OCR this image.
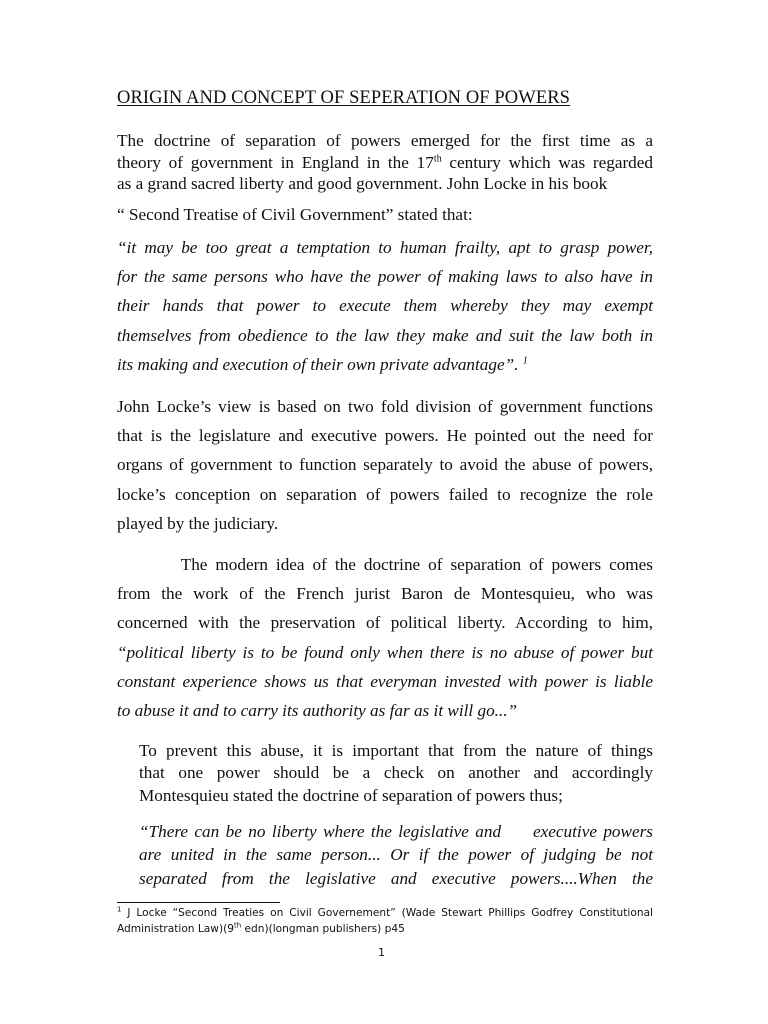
ORIGIN AND CONCEPT OF SEPERATION OF POWERS
The doctrine of separation of powers emerged for the first time as a
theory of government in England in the 17th century which was regarded
as a grand sacred liberty and good government. John Locke in his book
“ Second Treatise of Civil Government” stated that:
“it may be too great a temptation to human frailty, apt to grasp power,
for the same persons who have the power of making laws to also have in
their hands that power to execute them whereby they may exempt
themselves from obedience to the law they make and suit the law both in
its making and execution of their own private advantage”. $^1$
John Locke’s view is based on two fold division of government functions
that is the legislature and executive powers. He pointed out the need for
organs of government to function separately to avoid the abuse of powers,
locke’s conception on separation of powers failed to recognize the role
played by the judiciary.
The modern idea of the doctrine of separation of powers comes
from the work of the French jurist Baron de Montesquieu, who was
concerned with the preservation of political liberty. According to him,
“political liberty is to be found only when there is no abuse of power but
constant experience shows us that everyman invested with power is liable
to abuse it and to carry its authority as far as it will go...”
To prevent this abuse, it is important that from the nature of things
that one power should be a check on another and accordingly
Montesquieu stated the doctrine of separation of powers thus;
“There can be no liberty where the legislative and     executive powers
are united in the same person... Or if the power of judging be not
separated from the legislative and executive powers....When the
$^1$ J Locke “Second Treaties on Civil Governement” (Wade Stewart Phillips Godfrey Constitutional
Administration Law)(9th edn)(longman publishers) p45
1
